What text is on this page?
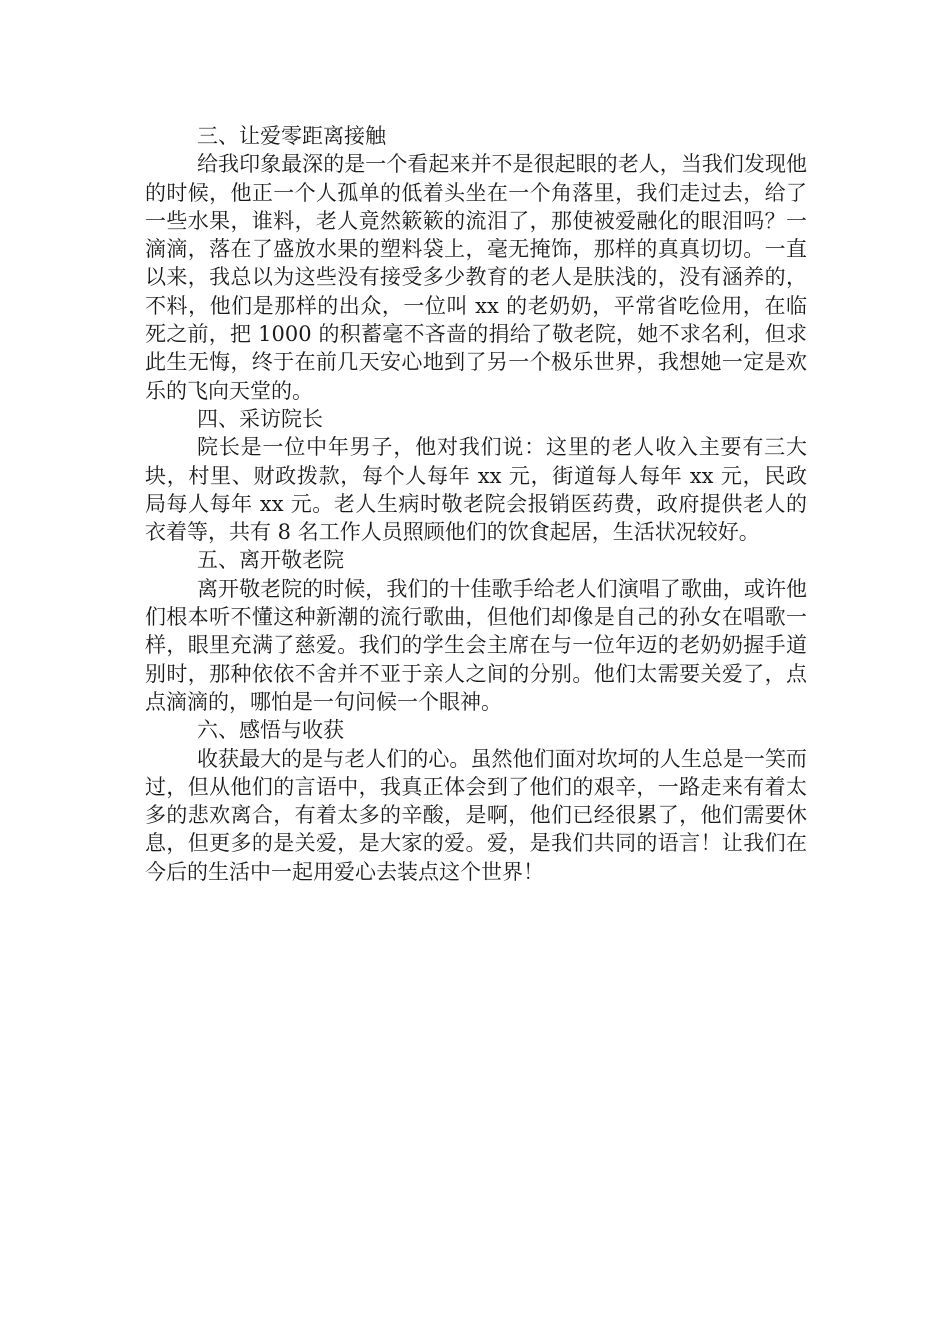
三、让爱零距离接触

给我印象最深的是一个看起来并不是很起眼的老人，当我们发现他的时候，他正一个人孤单的低着头坐在一个角落里，我们走过去，给了一些水果，谁料，老人竟然簌簌的流泪了，那使被爱融化的眼泪吗？一滴滴，落在了盛放水果的塑料袋上，毫无掩饰，那样的真真切切。一直以来，我总以为这些没有接受多少教育的老人是肤浅的，没有涵养的，不料，他们是那样的出众，一位叫 xx 的老奶奶，平常省吃俭用，在临死之前，把 1000 的积蓄毫不吝啬的捐给了敬老院，她不求名利，但求此生无悔，终于在前几天安心地到了另一个极乐世界，我想她一定是欢乐的飞向天堂的。

四、采访院长

院长是一位中年男子，他对我们说：这里的老人收入主要有三大块，村里、财政拨款，每个人每年 xx 元，街道每人每年 xx 元，民政局每人每年 xx 元。老人生病时敬老院会报销医药费，政府提供老人的衣着等，共有 8 名工作人员照顾他们的饮食起居，生活状况较好。

五、离开敬老院

离开敬老院的时候，我们的十佳歌手给老人们演唱了歌曲，或许他们根本听不懂这种新潮的流行歌曲，但他们却像是自己的孙女在唱歌一样，眼里充满了慈爱。我们的学生会主席在与一位年迈的老奶奶握手道别时，那种依依不舍并不亚于亲人之间的分别。他们太需要关爱了，点点滴滴的，哪怕是一句问候一个眼神。

六、感悟与收获

收获最大的是与老人们的心。虽然他们面对坎坷的人生总是一笑而过，但从他们的言语中，我真正体会到了他们的艰辛，一路走来有着太多的悲欢离合，有着太多的辛酸，是啊，他们已经很累了，他们需要休息，但更多的是关爱，是大家的爱。爱，是我们共同的语言！让我们在今后的生活中一起用爱心去装点这个世界！
